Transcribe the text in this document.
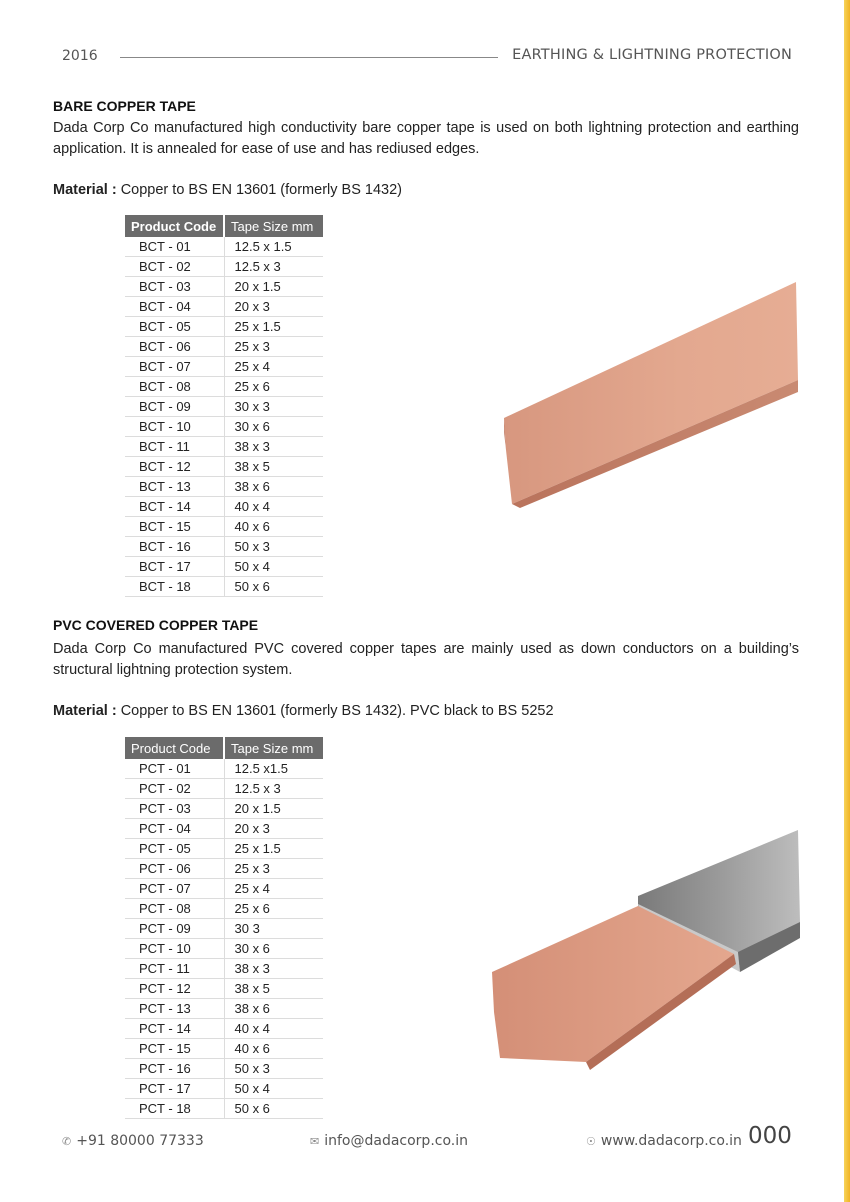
2016	EARTHING & LIGHTNING PROTECTION
BARE COPPER TAPE
Dada Corp Co manufactured high conductivity bare copper tape is used on both lightning protection and earthing application. It is annealed for ease of use and has rediused edges.
Material : Copper to BS EN 13601 (formerly BS 1432)
Product Code	Tape Size mm
BCT - 01	12.5 x 1.5
BCT - 02	12.5 x 3
BCT - 03	20 x 1.5
BCT - 04	20 x 3
BCT - 05	25 x 1.5
BCT - 06	25 x 3
BCT - 07	25 x 4
BCT - 08	25 x 6
BCT - 09	30 x 3
BCT - 10	30 x 6
BCT - 11	38 x 3
BCT - 12	38 x 5
BCT - 13	38 x 6
BCT - 14	40 x 4
BCT - 15	40 x 6
BCT - 16	50 x 3
BCT - 17	50 x 4
BCT - 18	50 x 6
PVC COVERED COPPER TAPE
Dada Corp Co manufactured PVC covered copper tapes are mainly used as down conductors on a building’s structural lightning protection system.
Material : Copper to BS EN 13601 (formerly BS 1432). PVC black to BS 5252
Product Code	Tape Size mm
PCT - 01	12.5 x1.5
PCT - 02	12.5 x 3
PCT - 03	20 x 1.5
PCT - 04	20 x 3
PCT - 05	25 x 1.5
PCT - 06	25 x 3
PCT - 07	25 x 4
PCT - 08	25 x 6
PCT - 09	30 3
PCT - 10	30 x 6
PCT - 11	38 x 3
PCT - 12	38 x 5
PCT - 13	38 x 6
PCT - 14	40 x 4
PCT - 15	40 x 6
PCT - 16	50 x 3
PCT - 17	50 x 4
PCT - 18	50 x 6
✆ +91 80000 77333	✉ info@dadacorp.co.in	☉ www.dadacorp.co.in 000
